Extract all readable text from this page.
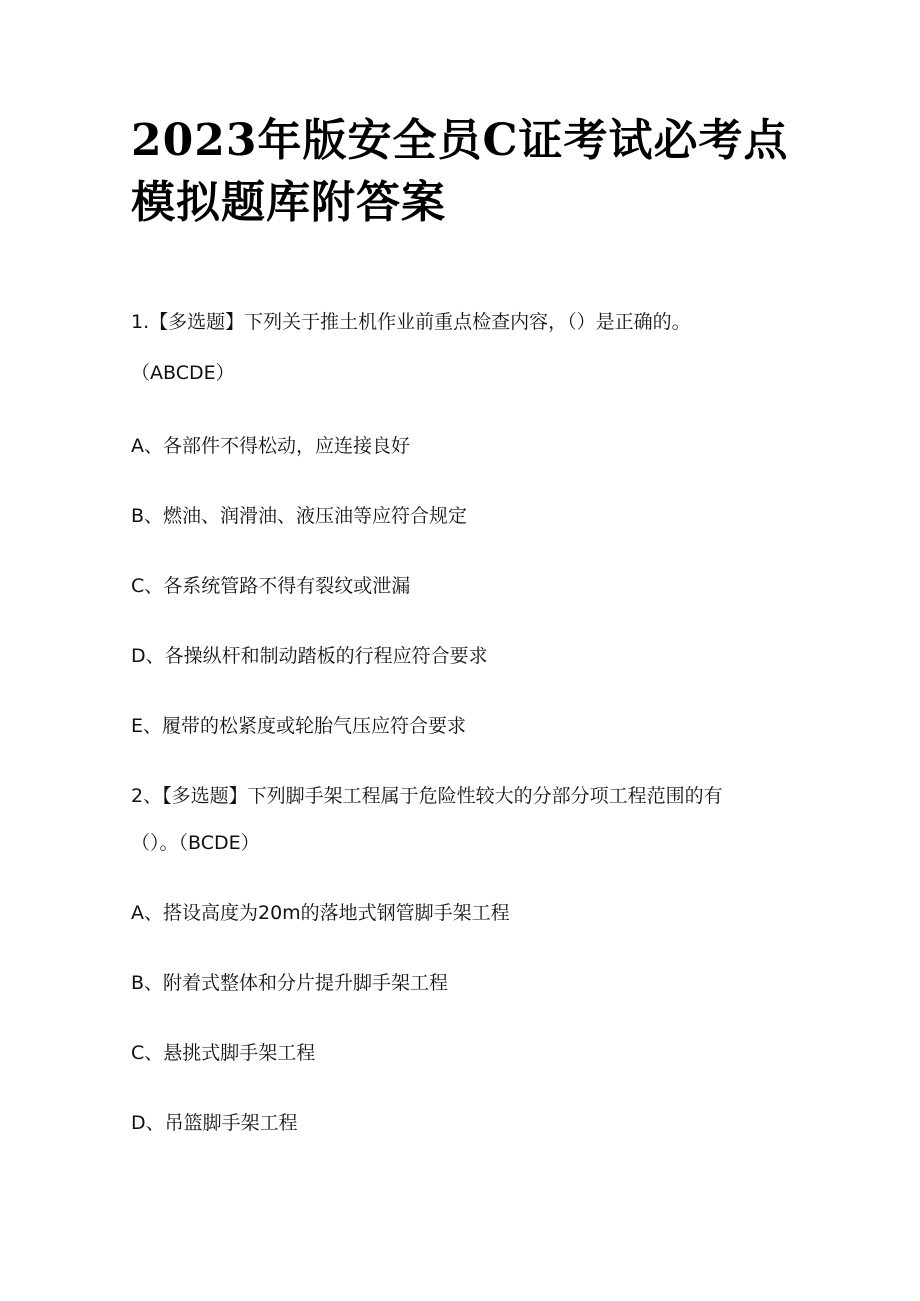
2023年版安全员C证考试必考点模拟题库附答案

1.【多选题】下列关于推土机作业前重点检查内容，（）是正确的。

（ABCDE）

A、各部件不得松动，应连接良好

B、燃油、润滑油、液压油等应符合规定

C、各系统管路不得有裂纹或泄漏

D、各操纵杆和制动踏板的行程应符合要求

E、履带的松紧度或轮胎气压应符合要求

2、【多选题】下列脚手架工程属于危险性较大的分部分项工程范围的有

（）。（BCDE）

A、搭设高度为20m的落地式钢管脚手架工程

B、附着式整体和分片提升脚手架工程

C、悬挑式脚手架工程

D、吊篮脚手架工程
